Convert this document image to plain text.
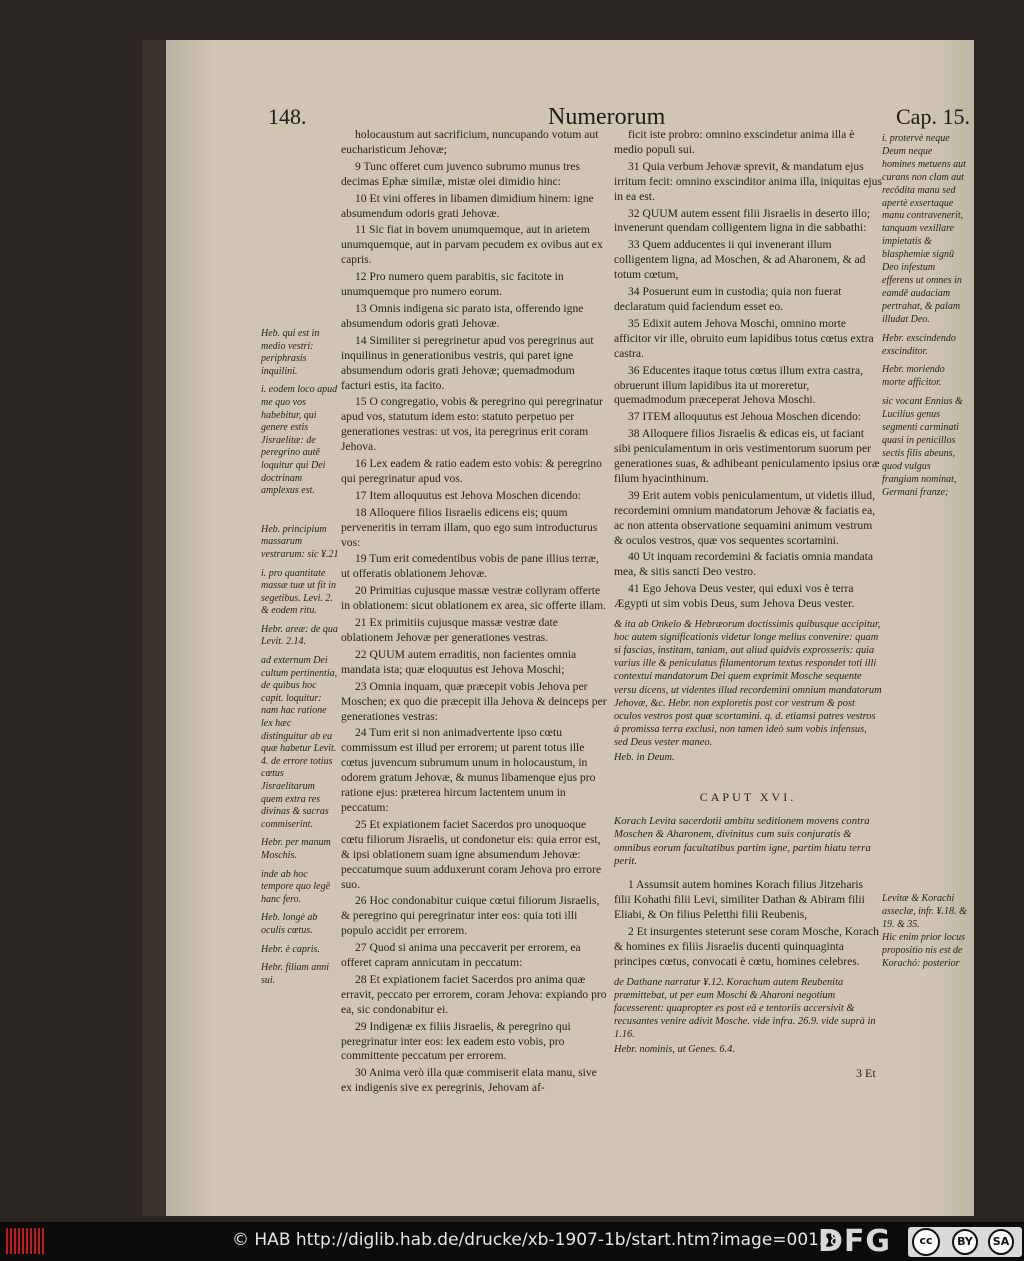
148.	Numerorum	Cap. 15.
Heb. qui est in medio vestri: periphrasis inquilini.
i. eodem loco apud me quo vos habebitur, qui genere estis Jisraelitæ: de peregrino autē loquitur qui Dei doctrinam amplexus est.
Heb. principium massarum vestrarum: sic ¥.21
i. pro quantitate massæ tuæ ut fit in segetibus. Levi. 2. & eodem ritu.
Hebr. areæ: de qua Levit. 2.14.
ad externum Dei cultum pertinentia, de quibus hoc capit. loquitur: nam hac ratione lex hæc distinguitur ab ea quæ habetur Levit. 4. de errore totius cœtus Jisraelitarum quem extra res divinas & sacras commiserint.
Hebr. per manum Moschis.
inde ab hoc tempore quo legē hanc fero.
Heb. longè ab oculis cœtus.
Hebr. è capris.
Hebr. filiam anni sui.

holocaustum aut sacrificium, nuncupando votum aut eucharisticum Jehovæ;

9 Tunc offeret cum juvenco subrumo munus tres decimas Ephæ similæ, mistæ olei dimidio hinc:

10 Et vini offeres in libamen dimidium hinem: igne absumendum odoris grati Jehovæ.

11 Sic fiat in bovem unumquemque, aut in arietem unumquemque, aut in parvam pecudem ex ovibus aut ex capris.

12 Pro numero quem parabitis, sic facitote in unumquemque pro numero eorum.

13 Omnis indigena sic parato ista, offerendo igne absumendum odoris grati Jehovæ.

14 Similiter si peregrinetur apud vos peregrinus aut inquilinus in generationibus vestris, qui paret igne absumendum odoris grati Jehovæ; quemadmodum facturi estis, ita facito.

15 O congregatio, vobis & peregrino qui peregrinatur apud vos, statutum idem esto: statuto perpetuo per generationes vestras: ut vos, ita peregrinus erit coram Jehova.

16 Lex eadem & ratio eadem esto vobis: & peregrino qui peregrinatur apud vos.

17 Item alloquutus est Jehova Moschen dicendo:

18 Alloquere filios Iisraelis edicens eis; quum perveneritis in terram illam, quo ego sum introducturus vos:

19 Tum erit comedentibus vobis de pane illius terræ, ut offeratis oblationem Jehovæ.

20 Primitias cujusque massæ vestræ collyram offerte in oblationem: sicut oblationem ex area, sic offerte illam.

21 Ex primitiis cujusque massæ vestræ date oblationem Jehovæ per generationes vestras.

22 QUUM autem erraditis, non facientes omnia mandata ista; quæ eloquutus est Jehova Moschi;

23 Omnia inquam, quæ præcepit vobis Jehova per Moschen; ex quo die præcepit illa Jehova & deinceps per generationes vestras:

24 Tum erit si non animadvertente ipso cœtu commissum est illud per errorem; ut parent totus ille cœtus juvencum subrumum unum in holocaustum, in odorem gratum Jehovæ, & munus libamenque ejus pro ratione ejus: præterea hircum lactentem unum in peccatum:

25 Et expiationem faciet Sacerdos pro unoquoque cœtu filiorum Jisraelis, ut condonetur eis: quia error est, & ipsi oblationem suam igne absumendum Jehovæ: peccatumque suum adduxerunt coram Jehova pro errore suo.

26 Hoc condonabitur cuique cœtui filiorum Jisraelis, & peregrino qui peregrinatur inter eos: quia toti illi populo accidit per errorem.

27 Quod si anima una peccaverit per errorem, ea offeret capram annicutam in peccatum:

28 Et expiationem faciet Sacerdos pro anima quæ erravit, peccato per errorem, coram Jehova: expiando pro ea, sic condonabitur ei.

29 Indigenæ ex filiis Jisraelis, & peregrino qui peregrinatur inter eos: lex eadem esto vobis, pro committente peccatum per errorem.

30 Anima verò illa quæ commiserit elata manu, sive ex indigenis sive ex peregrinis, Jehovam af-

ficit iste probro: omnino exscindetur anima illa è medio populi sui.

31 Quia verbum Jehovæ sprevit, & mandatum ejus irritum fecit: omnino exscinditor anima illa, iniquitas ejus in ea est.

32 QUUM autem essent filii Jisraelis in deserto illo; invenerunt quendam colligentem ligna in die sabbathi:

33 Quem adducentes ii qui invenerant illum colligentem ligna, ad Moschen, & ad Aharonem, & ad totum cœtum,

34 Posuerunt eum in custodia; quia non fuerat declaratum quid faciendum esset eo.

35 Edixit autem Jehova Moschi, omnino morte afficitor vir ille, obruito eum lapidibus totus cœtus extra castra.

36 Educentes itaque totus cœtus illum extra castra, obruerunt illum lapidibus ita ut moreretur, quemadmodum præceperat Jehova Moschi.

37 ITEM alloquutus est Jehoua Moschen dicendo:

38 Alloquere filios Jisraelis & edicas eis, ut faciant sibi peniculamentum in oris vestimentorum suorum per generationes suas, & adhibeant peniculamento ipsius oræ filum hyacinthinum.

39 Erit autem vobis peniculamentum, ut videtis illud, recordemini omnium mandatorum Jehovæ & faciatis ea, ac non attenta observatione sequamini animum vestrum & oculos vestros, quæ vos sequentes scortamini.

40 Ut inquam recordemini & faciatis omnia mandata mea, & sitis sancti Deo vestro.

41 Ego Jehova Deus vester, qui eduxi vos è terra Ægypti ut sim vobis Deus, sum Jehova Deus vester.

& ita ab Onkelo & Hebræorum doctissimis quibusque accipitur, hoc autem significationis videtur longe melius convenire: quam si fascias, institam, taniam, aut aliud quidvis exprosseris: quia varius ille & peniculatus filamentorum textus respondet toti illi contextui mandatorum Dei quem exprimit Mosche sequente versu dicens, ut videntes illud recordemini omnium mandatorum Jehovæ, &c. Hebr. non exploretis post cor vestrum & post oculos vestros post quæ scortamini. q. d. etiamsi patres vestros à promissa terra exclusi, non tamen ideò sum vobis infensus, sed Deus vester maneo.

Heb. in Deum.

CAPUT XVI.
Korach Levita sacerdotii ambitu seditionem movens contra Moschen & Aharonem, divinitus cum suis conjuratis & omnibus eorum facultatibus partim igne, partim hiatu terra perit.

1 Assumsit autem homines Korach filius Jitzeharis filii Kohathi filii Levi, similiter Dathan & Abiram filii Eliabi, & On filius Peletthi filii Reubenis,

2 Et insurgentes steterunt sese coram Mosche, Korach & homines ex filiis Jisraelis ducenti quinquaginta principes cœtus, convocati è cœtu, homines celebres.

de Dathane narratur ¥.12. Korachum autem Reubenita præmittebat, ut per eum Moschi & Aharoni negotium facesserent: quapropter es post eâ e tentoriis accersivit & recusantes venire adivit Mosche. vide infra. 26.9. vide suprà in 1.16.

Hebr. nominis, ut Genes. 6.4.

i. protervè neque Deum neque homines metuens aut curans non clam aut recôdita manu sed apertè exsertaque manu contravenerit, tanquam vexillare impietatis & blasphemiæ signū Deo infestum efferens ut omnes in eamdē audaciam pertrahat, & palam illudat Deo.
Hebr. exscindendo exscinditor.
Hebr. moriendo morte afficitor.
sic vocant Ennius & Lucilius genus segmenti carminati quasi in penicillos sectis filis abeuns, quod vulgus frangiam nominat, Germani franze;
Levitæ & Korachi asseclæ, infr. ¥.18. & 19. & 35.
Hic enim prior locus propositio nis est de Korachó: posterior
3 Et
© HAB http://diglib.hab.de/drucke/xb-1907-1b/start.htm?image=00158
DFG	cc	BY	SA
